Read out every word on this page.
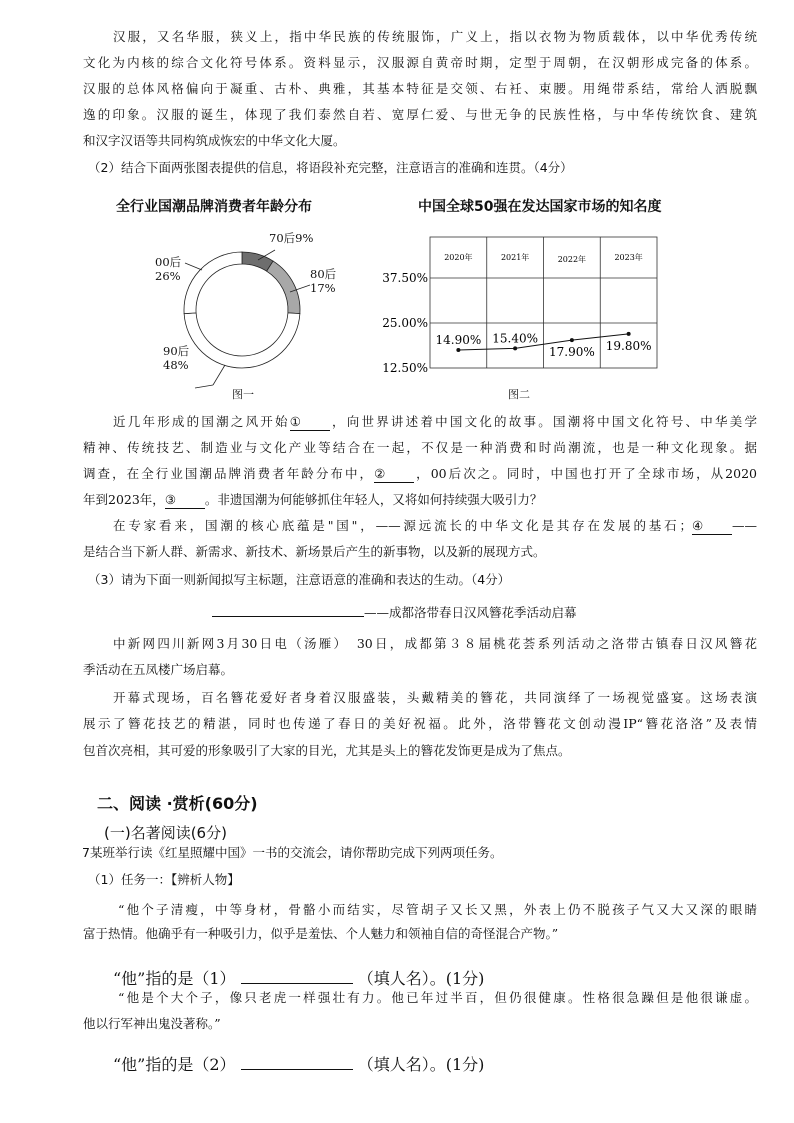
汉服，又名华服，狭义上，指中华民族的传统服饰，广义上，指以衣物为物质载体，以中华优秀传统
文化为内核的综合文化符号体系。资料显示，汉服源自黄帝时期，定型于周朝，在汉朝形成完备的体系。
汉服的总体风格偏向于凝重、古朴、典雅，其基本特征是交领、右衽、束腰。用绳带系结，常给人洒脱飘
逸的印象。汉服的诞生，体现了我们泰然自若、宽厚仁爱、与世无争的民族性格，与中华传统饮食、建筑
和汉字汉语等共同构筑成恢宏的中华文化大厦。
（2）结合下面两张图表提供的信息，将语段补充完整，注意语言的准确和连贯。（4分）
全行业国潮品牌消费者年龄分布
70后9%
80后
17%
90后
48%
00后
26%
图一
中国全球50强在发达国家市场的知名度
2020年	2021年	2022年	2023年
37.50%
25.00%
12.50%
14.90% 15.40%
17.90% 19.80%
图二
近几年形成的国潮之风开始① ，向世界讲述着中国文化的故事。国潮将中国文化符号、中华美学
精神、传统技艺、制造业与文化产业等结合在一起，不仅是一种消费和时尚潮流，也是一种文化现象。据
调查，在全行业国潮品牌消费者年龄分布中，② ，00后次之。同时，中国也打开了全球市场，从2020
年到2023年，③ 。非遗国潮为何能够抓住年轻人，又将如何持续强大吸引力？
在专家看来，国潮的核心底蕴是"国"，——源远流长的中华文化是其存在发展的基石；④ ——
是结合当下新人群、新需求、新技术、新场景后产生的新事物，以及新的展现方式。
（3）请为下面一则新闻拟写主标题，注意语意的准确和表达的生动。（4分）
——成都洛带春日汉风簪花季活动启幕
中新网四川新网3月30日电（汤雁）　30日，成都第３８届桃花荟系列活动之洛带古镇春日汉风簪花
季活动在五凤楼广场启幕。
开幕式现场，百名簪花爱好者身着汉服盛装，头戴精美的簪花，共同演绎了一场视觉盛宴。这场表演
展示了簪花技艺的精湛，同时也传递了春日的美好祝福。此外，洛带簪花文创动漫IP“簪花洛洛”及表情
包首次亮相，其可爱的形象吸引了大家的目光，尤其是头上的簪花发饰更是成为了焦点。
二、阅读 ·赏析(60分)
(一)名著阅读(6分)
7某班举行读《红星照耀中国》一书的交流会，请你帮助完成下列两项任务。
（1）任务一：【辨析人物】
“他个子清瘦，中等身材，骨骼小而结实，尽管胡子又长又黑，外表上仍不脱孩子气又大又深的眼睛
富于热情。他确乎有一种吸引力，似乎是羞怯、个人魅力和领袖自信的奇怪混合产物。”
“他”指的是（1）	（填人名）。(1分)
“他是个大个子，像只老虎一样强壮有力。他已年过半百，但仍很健康。性格很急躁但是他很谦虚。
他以行军神出鬼没著称。”
“他”指的是（2）	（填人名）。(1分)
